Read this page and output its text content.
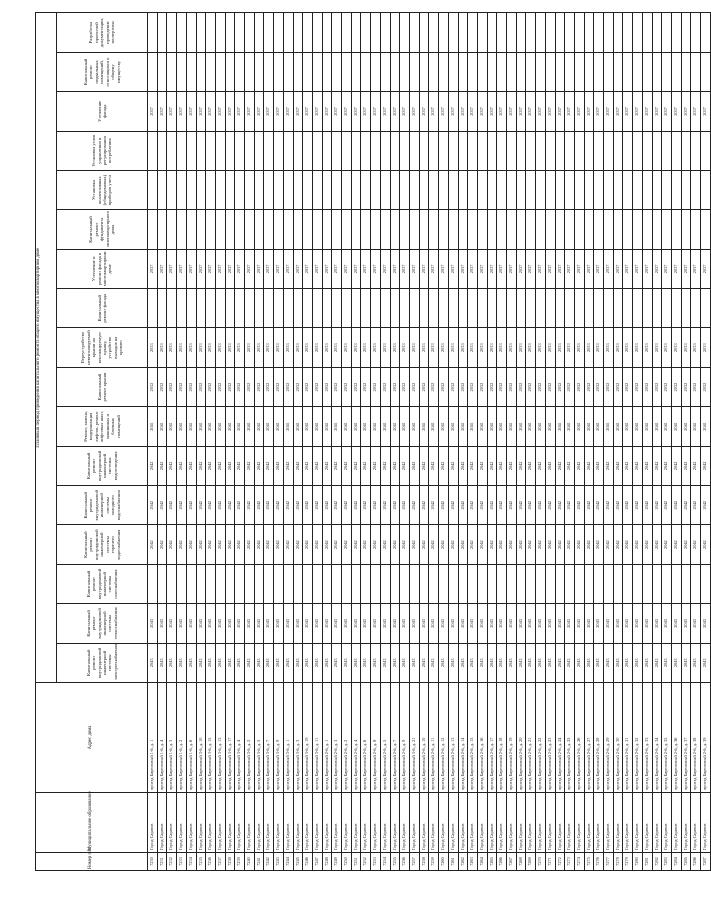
Номер п/п	Муниципальное образование	Адрес дома	Плановый период проведения капитального ремонта общего имущества в многоквартирном доме																
			Капитальный ремонт внутридомовой инженерной системы электроснабжения	Капитальный ремонт внутридомовой инженерной системы теплоснабжения	Капитальный ремонт внутридомовой инженерной системы газоснабжения	Капитальный ремонт внутридомовой инженерной системы горячего водоснабжения	Капитальный ремонт внутридомовой инженерной системы холодного водоснабжения	Капитальный ремонт внутридомовой инженерной системы водоотведения	Ремонт, замена, модернизация лифтов, ремонт лифтовых шахт, машинных и блочных помещений	Капитальный ремонт крыши	Переустройство невентилируемой крыши на вентилируемую крышу, устройство выходов на кровлю	Капитальный ремонт фасада	Утепление и ремонт фасада в многоквартирном доме	Капитальный ремонт фундамента многоквартирного дома	Установка коллективных (общедомовых) приборов учета	Установка узлов управления и регулирования потребления	Утепление фасада	Капитальный ремонт подвальных помещений, относящихся к общему имуществу	Разработка проектной документации, проведение экспертизы
7230	Город Саратов	проезд Бирюзовый 1-й, д. 1	2043	2043		2042	2042	2042	2041	2032	2033		2037				2037		
7231	Город Саратов	проезд Бирюзовый 1-й, д. 4	2043	2043		2042	2042	2042	2041	2032	2033		2037				2037		
7232	Город Саратов	проезд Бирюзовый 1-й, д. 3	2043	2043		2042	2042	2042	2041	2032	2033		2037				2037		
7233	Город Саратов	проезд Бирюзовый 1-й, д. 2	2043	2043		2042	2042	2042	2041	2032	2033		2037				2037		
7234	Город Саратов	проезд Бирюзовый 1-й, д. 6	2043	2043		2042	2042	2042	2041	2032	2033		2037				2037		
7235	Город Саратов	проезд Бирюзовый 3-й, д. 10	2043	2043		2042	2042	2042	2041	2032	2033		2037				2037		
7236	Город Саратов	проезд Бирюзовый 3-й, д. 15	2043	2043		2042	2042	2042	2041	2032	2033		2037				2037		
7237	Город Саратов	проезд Бирюзовый 3-й, д. 13	2043	2043		2042	2042	2042	2041	2032	2033		2037				2037		
7238	Город Саратов	проезд Бирюзовый 3-й, д. 17	2043	2043		2042	2042	2042	2041	2032	2033		2037				2037		
7239	Город Саратов	проезд Бирюзовый 3-й, д. 4	2043	2043		2042	2042	2042	2041	2032	2033		2037				2037		
7240	Город Саратов	проезд Бирюзовый 3-й, д. 2	2043	2043		2042	2042	2042	2041	2032	2033		2037				2037		
7241	Город Саратов	проезд Бирюзовый 3-й, д. 5	2043	2043		2042	2042	2042	2041	2032	2033		2037				2037		
7242	Город Саратов	проезд Бирюзовый 3-й, д. 7	2043	2043		2042	2042	2042	2041	2032	2033		2037				2037		
7243	Город Саратов	проезд Бирюзовый 3-й, д. 9	2043	2043		2042	2042	2042	2041	2032	2033		2037				2037		
7244	Город Саратов	проезд Бирюзовый 3-й, д. 1	2043	2043		2042	2042	2042	2041	2032	2033		2037				2037		
7245	Город Саратов	проезд Бирюзовый 3-й, д. 3	2043	2043		2042	2042	2042	2041	2032	2033		2037				2037		
7246	Город Саратов	проезд Бирюзовый 3-й, д. 19	2043	2043		2042	2042	2042	2041	2032	2033		2037				2037		
7247	Город Саратов	проезд Бирюзовый 3-й, д. 11	2043	2043		2042	2042	2042	2041	2032	2033		2037				2037		
7248	Город Саратов	проезд Бирюзовый 2-й, д. 1	2043	2043		2042	2042	2042	2041	2032	2033		2037				2037		
7249	Город Саратов	проезд Бирюзовый 2-й, д. 3	2043	2043		2042	2042	2042	2041	2032	2033		2037				2037		
7250	Город Саратов	проезд Бирюзовый 2-й, д. 2	2043	2043		2042	2042	2042	2041	2032	2033		2037				2037		
7251	Город Саратов	проезд Бирюзовый 2-й, д. 4	2043	2043		2042	2042	2042	2041	2032	2033		2037				2037		
7252	Город Саратов	проезд Бирюзовый 2-й, д. 6	2043	2043		2042	2042	2042	2041	2032	2033		2037				2037		
7253	Город Саратов	проезд Бирюзовый 2-й, д. 8	2043	2043		2042	2042	2042	2041	2032	2033		2037				2037		
7254	Город Саратов	проезд Бирюзовый 2-й, д. 5	2043	2043		2042	2042	2042	2041	2032	2033		2037				2037		
7255	Город Саратов	проезд Бирюзовый 2-й, д. 7	2043	2043		2042	2042	2042	2041	2032	2033		2037				2037		
7256	Город Саратов	проезд Бирюзовый 2-й, д. 9	2043	2043		2042	2042	2042	2041	2032	2033		2037				2037		
7257	Город Саратов	проезд Бирюзовый 3-й, д. 21	2043	2043		2042	2042	2042	2041	2032	2033		2037				2037		
7258	Город Саратов	проезд Бирюзовый 2-й, д. 10	2043	2043		2042	2042	2042	2041	2032	2033		2037				2037		
7259	Город Саратов	проезд Бирюзовый 2-й, д. 11	2043	2043		2042	2042	2042	2041	2032	2033		2037				2037		
7260	Город Саратов	проезд Бирюзовый 2-й, д. 12	2043	2043		2042	2042	2042	2041	2032	2033		2037				2037		
7261	Город Саратов	проезд Бирюзовый 2-й, д. 13	2043	2043		2042	2042	2042	2041	2032	2033		2037				2037		
7262	Город Саратов	проезд Бирюзовый 2-й, д. 14	2043	2043		2042	2042	2042	2041	2032	2033		2037				2037		
7263	Город Саратов	проезд Бирюзовый 2-й, д. 15	2043	2043		2042	2042	2042	2041	2032	2033		2037				2037		
7264	Город Саратов	проезд Бирюзовый 2-й, д. 16	2043	2043		2042	2042	2042	2041	2032	2033		2037				2037		
7265	Город Саратов	проезд Бирюзовый 2-й, д. 17	2043	2043		2042	2042	2042	2041	2032	2033		2037				2037		
7266	Город Саратов	проезд Бирюзовый 2-й, д. 18	2043	2043		2042	2042	2042	2041	2032	2033		2037				2037		
7267	Город Саратов	проезд Бирюзовый 2-й, д. 19	2043	2043		2042	2042	2042	2041	2032	2033		2037				2037		
7268	Город Саратов	проезд Бирюзовый 2-й, д. 20	2043	2043		2042	2042	2042	2041	2032	2033		2037				2037		
7269	Город Саратов	проезд Бирюзовый 2-й, д. 21	2043	2043		2042	2042	2042	2041	2032	2033		2037				2037		
7270	Город Саратов	проезд Бирюзовый 2-й, д. 22	2043	2043		2042	2042	2042	2041	2032	2033		2037				2037		
7271	Город Саратов	проезд Бирюзовый 2-й, д. 23	2043	2043		2042	2042	2042	2041	2032	2033		2037				2037		
7272	Город Саратов	проезд Бирюзовый 2-й, д. 24	2043	2043		2042	2042	2042	2041	2032	2033		2037				2037		
7273	Город Саратов	проезд Бирюзовый 2-й, д. 25	2043	2043		2042	2042	2042	2041	2032	2033		2037				2037		
7274	Город Саратов	проезд Бирюзовый 2-й, д. 26	2043	2043		2042	2042	2042	2041	2032	2033		2037				2037		
7275	Город Саратов	проезд Бирюзовый 2-й, д. 27	2043	2043		2042	2042	2042	2041	2032	2033		2037				2037		
7276	Город Саратов	проезд Бирюзовый 2-й, д. 28	2043	2043		2042	2042	2042	2041	2032	2033		2037				2037		
7277	Город Саратов	проезд Бирюзовый 2-й, д. 29	2043	2043		2042	2042	2042	2041	2032	2033		2037				2037		
7278	Город Саратов	проезд Бирюзовый 2-й, д. 30	2043	2043		2042	2042	2042	2041	2032	2033		2037				2037		
7279	Город Саратов	проезд Бирюзовый 2-й, д. 31	2043	2043		2042	2042	2042	2041	2032	2033		2037				2037		
7280	Город Саратов	проезд Бирюзовый 2-й, д. 32	2043	2043		2042	2042	2042	2041	2032	2033		2037				2037		
7281	Город Саратов	проезд Бирюзовый 2-й, д. 33	2043	2043		2042	2042	2042	2041	2032	2033		2037				2037		
7282	Город Саратов	проезд Бирюзовый 2-й, д. 34	2043	2043		2042	2042	2042	2041	2032	2033		2037				2037		
7283	Город Саратов	проезд Бирюзовый 2-й, д. 35	2043	2043		2042	2042	2042	2041	2032	2033		2037				2037		
7284	Город Саратов	проезд Бирюзовый 2-й, д. 36	2043	2043		2042	2042	2042	2041	2032	2033		2037				2037		
7285	Город Саратов	проезд Бирюзовый 2-й, д. 37	2043	2043		2042	2042	2042	2041	2032	2033		2037				2037		
7286	Город Саратов	проезд Бирюзовый 2-й, д. 38	2043	2043		2042	2042	2042	2041	2032	2033		2037				2037		
7287	Город Саратов	проезд Бирюзовый 2-й, д. 39	2043	2043		2042	2042	2042	2041	2032	2033		2037				2037		
